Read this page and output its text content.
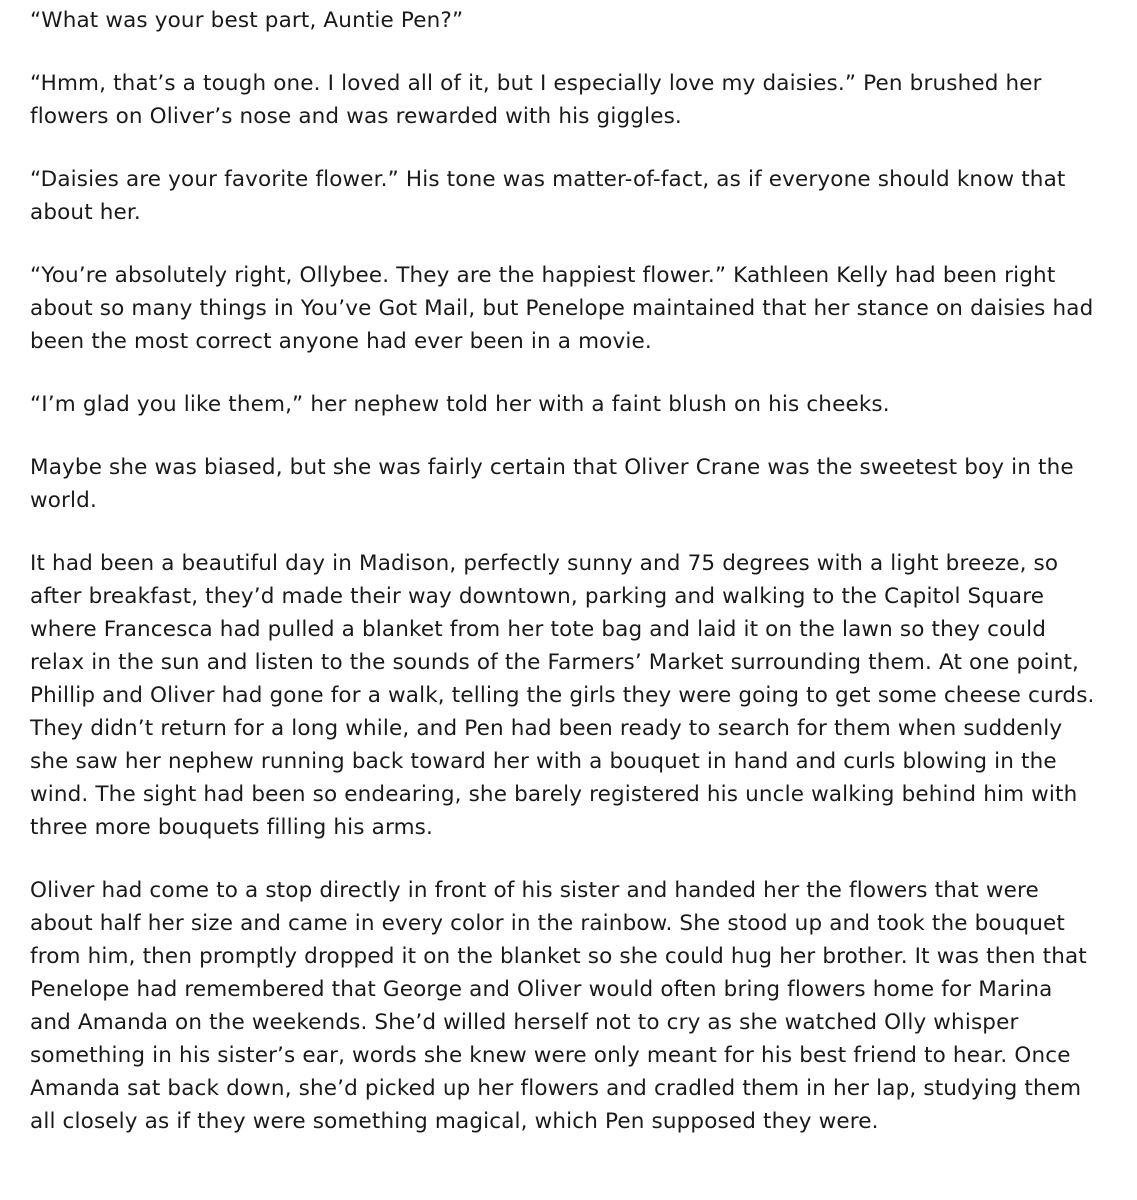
“What was your best part, Auntie Pen?”

“Hmm, that’s a tough one. I loved all of it, but I especially love my daisies.” Pen brushed her
flowers on Oliver’s nose and was rewarded with his giggles.

“Daisies are your favorite flower.” His tone was matter-of-fact, as if everyone should know that
about her.

“You’re absolutely right, Ollybee. They are the happiest flower.” Kathleen Kelly had been right
about so many things in You’ve Got Mail, but Penelope maintained that her stance on daisies had
been the most correct anyone had ever been in a movie.

“I’m glad you like them,” her nephew told her with a faint blush on his cheeks.

Maybe she was biased, but she was fairly certain that Oliver Crane was the sweetest boy in the
world.

It had been a beautiful day in Madison, perfectly sunny and 75 degrees with a light breeze, so
after breakfast, they’d made their way downtown, parking and walking to the Capitol Square
where Francesca had pulled a blanket from her tote bag and laid it on the lawn so they could
relax in the sun and listen to the sounds of the Farmers’ Market surrounding them. At one point,
Phillip and Oliver had gone for a walk, telling the girls they were going to get some cheese curds.
They didn’t return for a long while, and Pen had been ready to search for them when suddenly
she saw her nephew running back toward her with a bouquet in hand and curls blowing in the
wind. The sight had been so endearing, she barely registered his uncle walking behind him with
three more bouquets filling his arms.

Oliver had come to a stop directly in front of his sister and handed her the flowers that were
about half her size and came in every color in the rainbow. She stood up and took the bouquet
from him, then promptly dropped it on the blanket so she could hug her brother. It was then that
Penelope had remembered that George and Oliver would often bring flowers home for Marina
and Amanda on the weekends. She’d willed herself not to cry as she watched Olly whisper
something in his sister’s ear, words she knew were only meant for his best friend to hear. Once
Amanda sat back down, she’d picked up her flowers and cradled them in her lap, studying them
all closely as if they were something magical, which Pen supposed they were.
